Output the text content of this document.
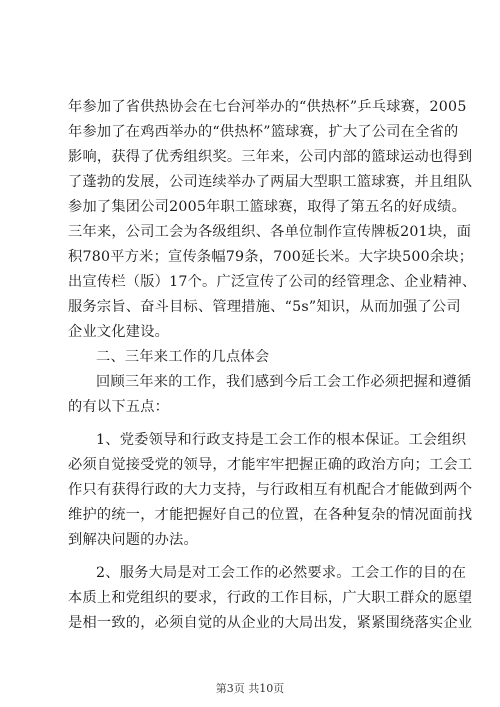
年参加了省供热协会在七台河举办的“供热杯”乒乓球赛，2005
年参加了在鸡西举办的“供热杯”篮球赛，扩大了公司在全省的
影响，获得了优秀组织奖。三年来，公司内部的篮球运动也得到
了蓬勃的发展，公司连续举办了两届大型职工篮球赛，并且组队
参加了集团公司2005年职工篮球赛，取得了第五名的好成绩。
三年来，公司工会为各级组织、各单位制作宣传牌板201块，面
积780平方米；宣传条幅79条，700延长米。大字块500余块；
出宣传栏（版）17个。广泛宣传了公司的经管理念、企业精神、
服务宗旨、奋斗目标、管理措施、“5s”知识，从而加强了公司
企业文化建设。
二、三年来工作的几点体会
回顾三年来的工作，我们感到今后工会工作必须把握和遵循
的有以下五点：
1、党委领导和行政支持是工会工作的根本保证。工会组织
必须自觉接受党的领导，才能牢牢把握正确的政治方向；工会工
作只有获得行政的大力支持，与行政相互有机配合才能做到两个
维护的统一，才能把握好自己的位置，在各种复杂的情况面前找
到解决问题的办法。
2、服务大局是对工会工作的必然要求。工会工作的目的在
本质上和党组织的要求，行政的工作目标，广大职工群众的愿望
是相一致的，必须自觉的从企业的大局出发，紧紧围绕落实企业
第3页 共10页
